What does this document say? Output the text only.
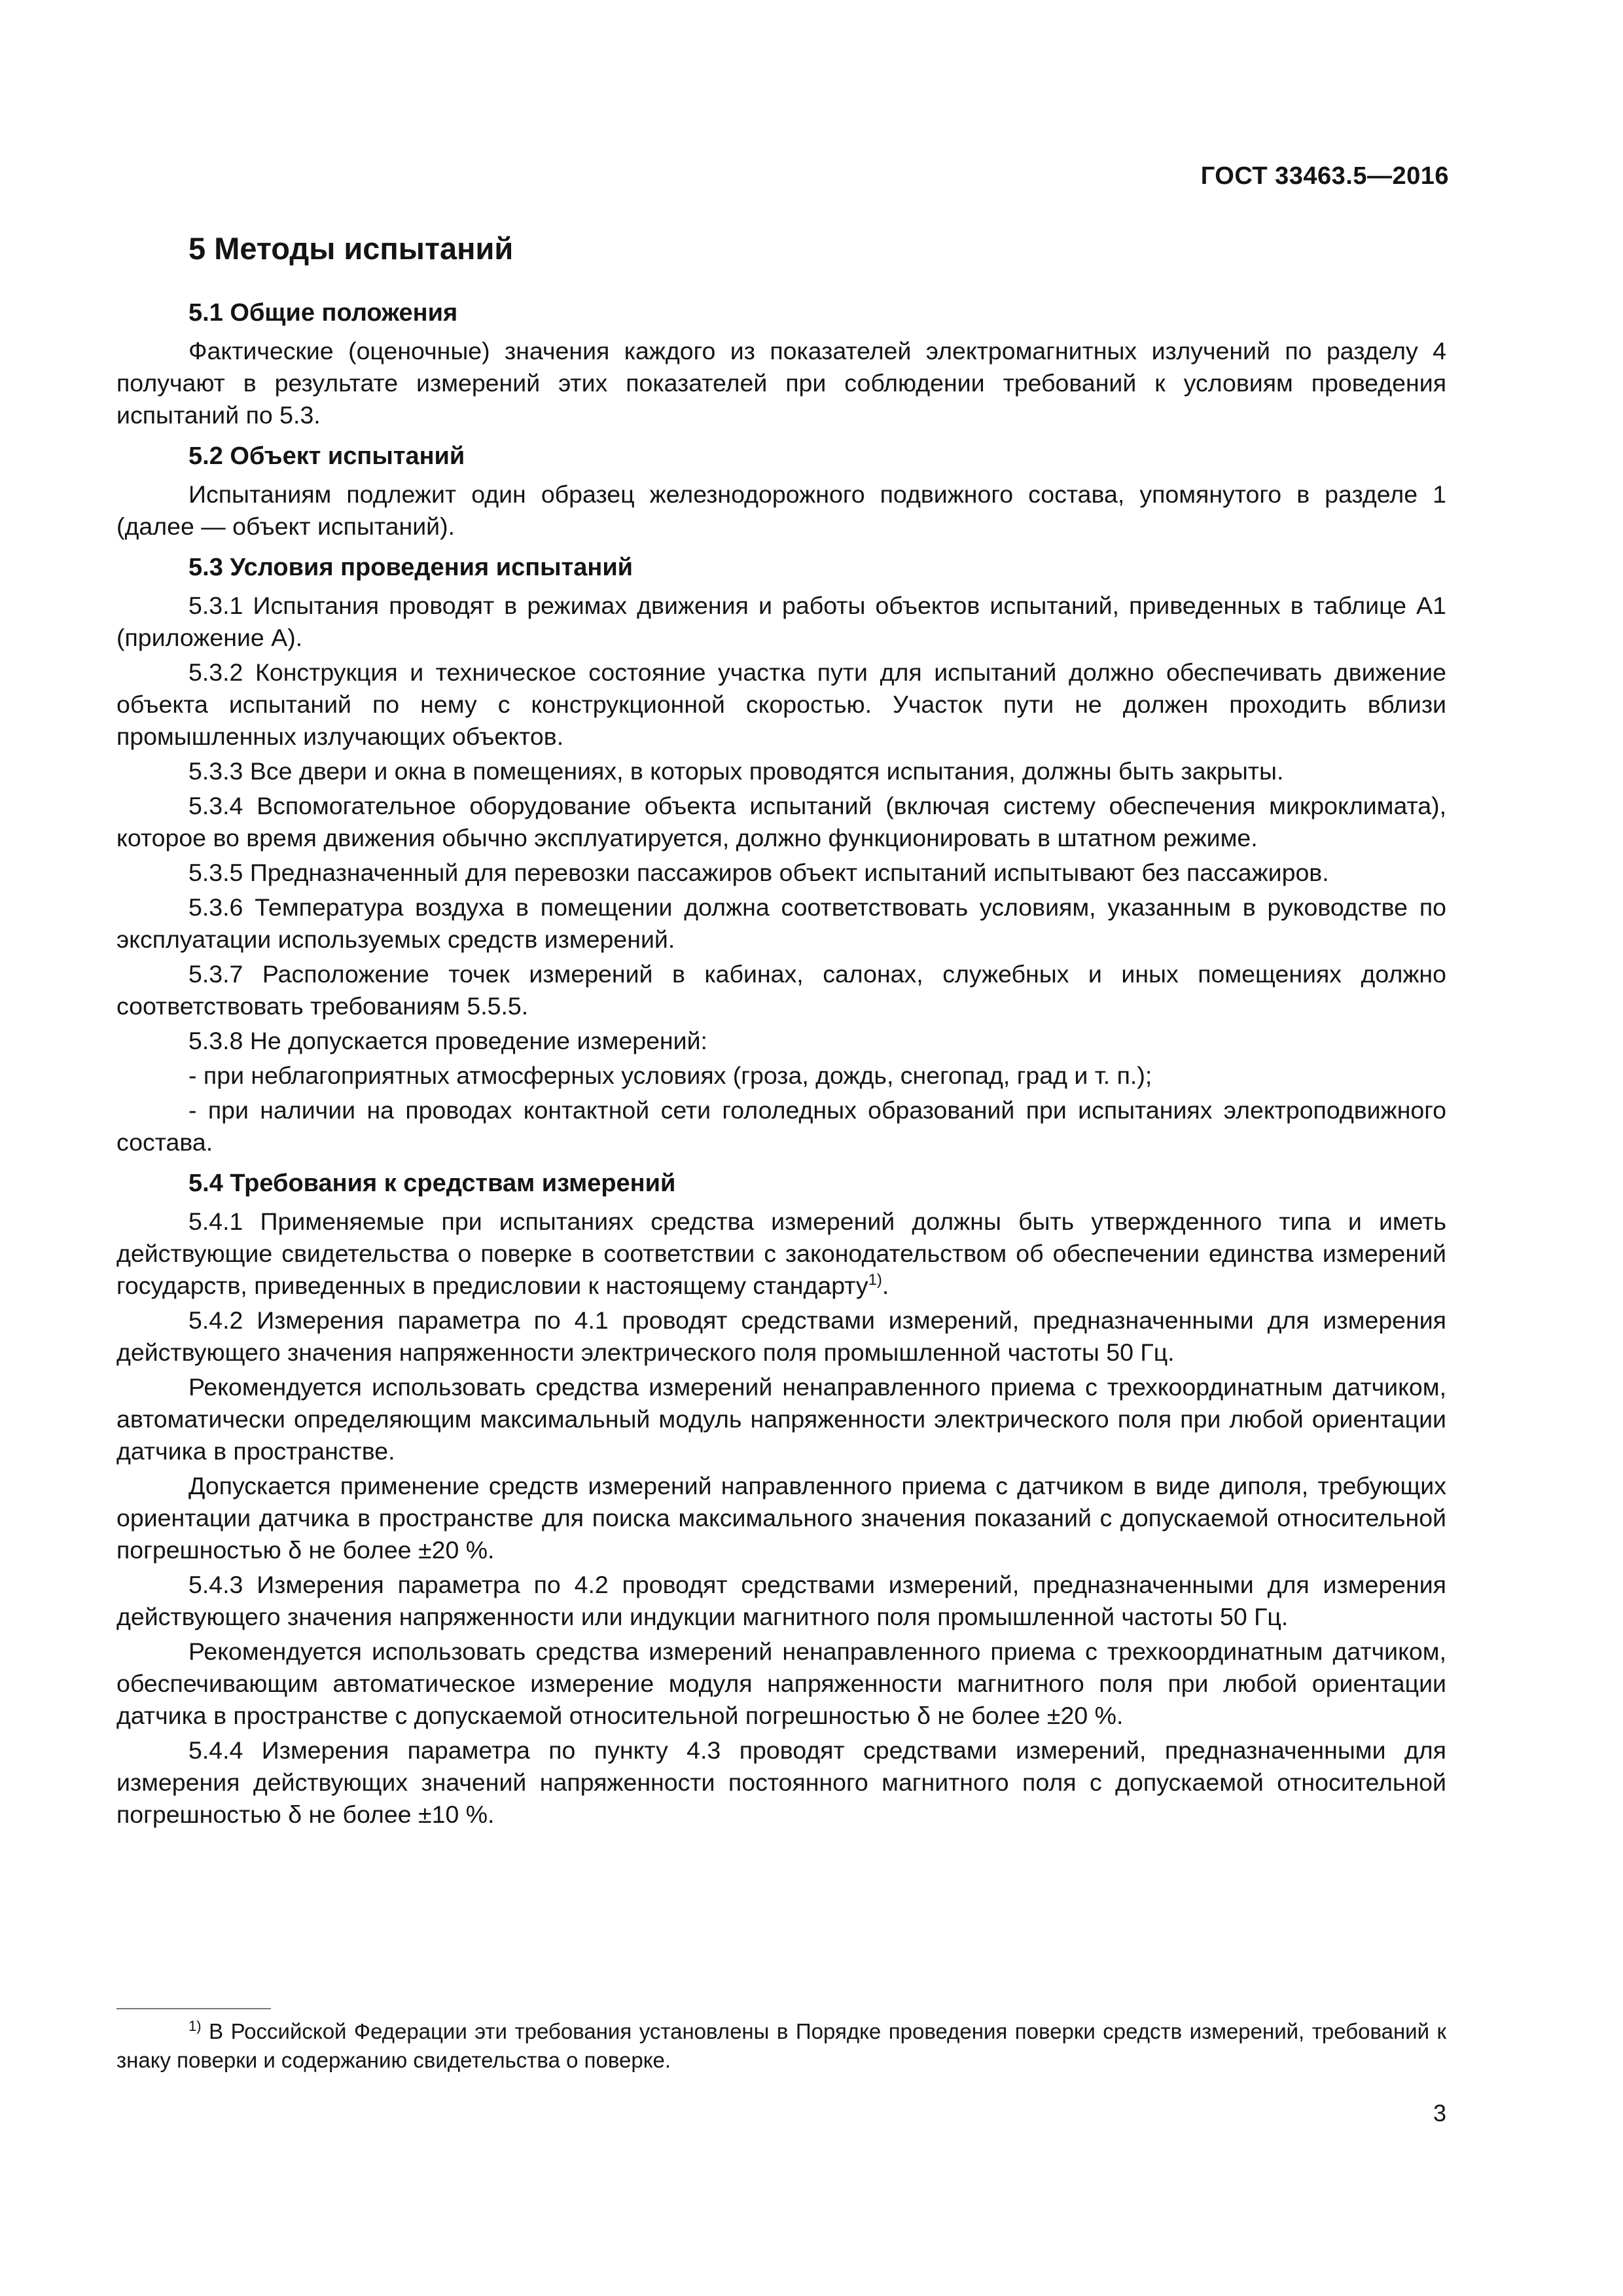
ГОСТ 33463.5—2016
5 Методы испытаний
5.1 Общие положения

Фактические (оценочные) значения каждого из показателей электромагнитных излучений по разделу 4 получают в результате измерений этих показателей при соблюдении требований к условиям проведения испытаний по 5.3.

5.2 Объект испытаний

Испытаниям подлежит один образец железнодорожного подвижного состава, упомянутого в разделе 1 (далее — объект испытаний).

5.3 Условия проведения испытаний

5.3.1 Испытания проводят в режимах движения и работы объектов испытаний, приведенных в таблице А1 (приложение А).

5.3.2 Конструкция и техническое состояние участка пути для испытаний должно обеспечивать движение объекта испытаний по нему с конструкционной скоростью. Участок пути не должен проходить вблизи промышленных излучающих объектов.

5.3.3 Все двери и окна в помещениях, в которых проводятся испытания, должны быть закрыты.

5.3.4 Вспомогательное оборудование объекта испытаний (включая систему обеспечения микроклимата), которое во время движения обычно эксплуатируется, должно функционировать в штатном режиме.

5.3.5 Предназначенный для перевозки пассажиров объект испытаний испытывают без пассажиров.

5.3.6 Температура воздуха в помещении должна соответствовать условиям, указанным в руководстве по эксплуатации используемых средств измерений.

5.3.7 Расположение точек измерений в кабинах, салонах, служебных и иных помещениях должно соответствовать требованиям 5.5.5.

5.3.8 Не допускается проведение измерений:

- при неблагоприятных атмосферных условиях (гроза, дождь, снегопад, град и т. п.);

- при наличии на проводах контактной сети гололедных образований при испытаниях электроподвижного состава.

5.4 Требования к средствам измерений

5.4.1 Применяемые при испытаниях средства измерений должны быть утвержденного типа и иметь действующие свидетельства о поверке в соответствии с законодательством об обеспечении единства измерений государств, приведенных в предисловии к настоящему стандарту$^{1)}$.

5.4.2 Измерения параметра по 4.1 проводят средствами измерений, предназначенными для измерения действующего значения напряженности электрического поля промышленной частоты 50 Гц.

Рекомендуется использовать средства измерений ненаправленного приема с трехкоординатным датчиком, автоматически определяющим максимальный модуль напряженности электрического поля при любой ориентации датчика в пространстве.

Допускается применение средств измерений направленного приема с датчиком в виде диполя, требующих ориентации датчика в пространстве для поиска максимального значения показаний с допускаемой относительной погрешностью δ не более ±20 %.

5.4.3 Измерения параметра по 4.2 проводят средствами измерений, предназначенными для измерения действующего значения напряженности или индукции магнитного поля промышленной частоты 50 Гц.

Рекомендуется использовать средства измерений ненаправленного приема с трехкоординатным датчиком, обеспечивающим автоматическое измерение модуля напряженности магнитного поля при любой ориентации датчика в пространстве с допускаемой относительной погрешностью δ не более ±20 %.

5.4.4 Измерения параметра по пункту 4.3 проводят средствами измерений, предназначенными для измерения действующих значений напряженности постоянного магнитного поля с допускаемой относительной погрешностью δ не более ±10 %.

$^{1)}$ В Российской Федерации эти требования установлены в Порядке проведения поверки средств измерений, требований к знаку поверки и содержанию свидетельства о поверке.
3
